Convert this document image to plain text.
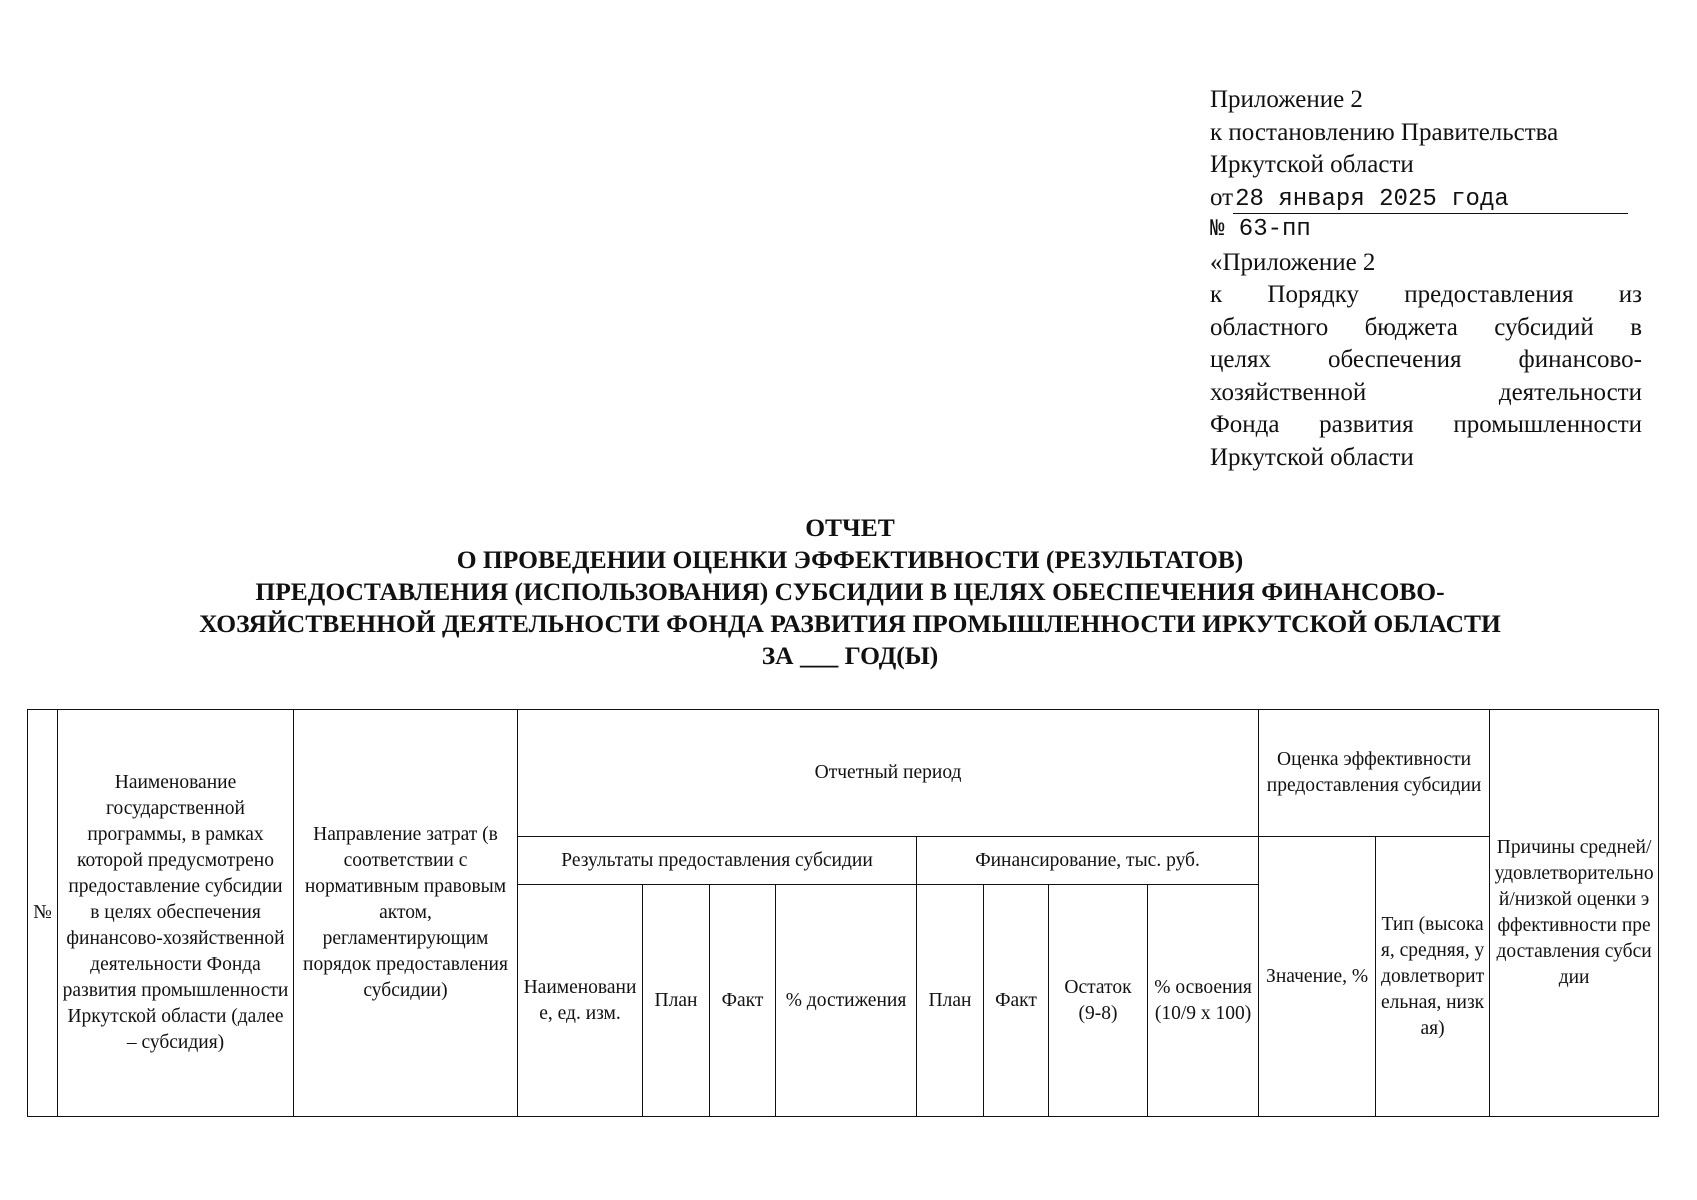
Приложение 2
к постановлению Правительства
Иркутской области
от 28 января 2025 года
№ 63-пп
«Приложение 2
к Порядку предоставления из
областного бюджета субсидий в
целях обеспечения финансово-
хозяйственной деятельности
Фонда развития промышленности
Иркутской области
ОТЧЕТ
О ПРОВЕДЕНИИ ОЦЕНКИ ЭФФЕКТИВНОСТИ (РЕЗУЛЬТАТОВ)
ПРЕДОСТАВЛЕНИЯ (ИСПОЛЬЗОВАНИЯ) СУБСИДИИ В ЦЕЛЯХ ОБЕСПЕЧЕНИЯ ФИНАНСОВО-
ХОЗЯЙСТВЕННОЙ ДЕЯТЕЛЬНОСТИ ФОНДА РАЗВИТИЯ ПРОМЫШЛЕННОСТИ ИРКУТСКОЙ ОБЛАСТИ
ЗА ___ ГОД(Ы)
№	Наименование государственной программы, в рамках которой предусмотрено предоставление субсидии в целях обеспечения финансово-хозяйственной деятельности Фонда развития промышленности Иркутской области (далее – субсидия)	Направление затрат (в соответствии с нормативным правовым актом, регламентирующим порядок предоставления субсидии)	Отчетный период								Оценка эффективности предоставления субсидии		Причины средней/удовлетворительной/низкой оценки эффективности предоставления субсидии
			Результаты предоставления субсидии				Финансирование, тыс. руб.				Значение, %	Тип (высокая, средняя, удовлетворительная, низкая)	
			Наименование, ед. изм.	План	Факт	% достижения	План	Факт	Остаток (9-8)	% освоения (10/9 х 100)			
